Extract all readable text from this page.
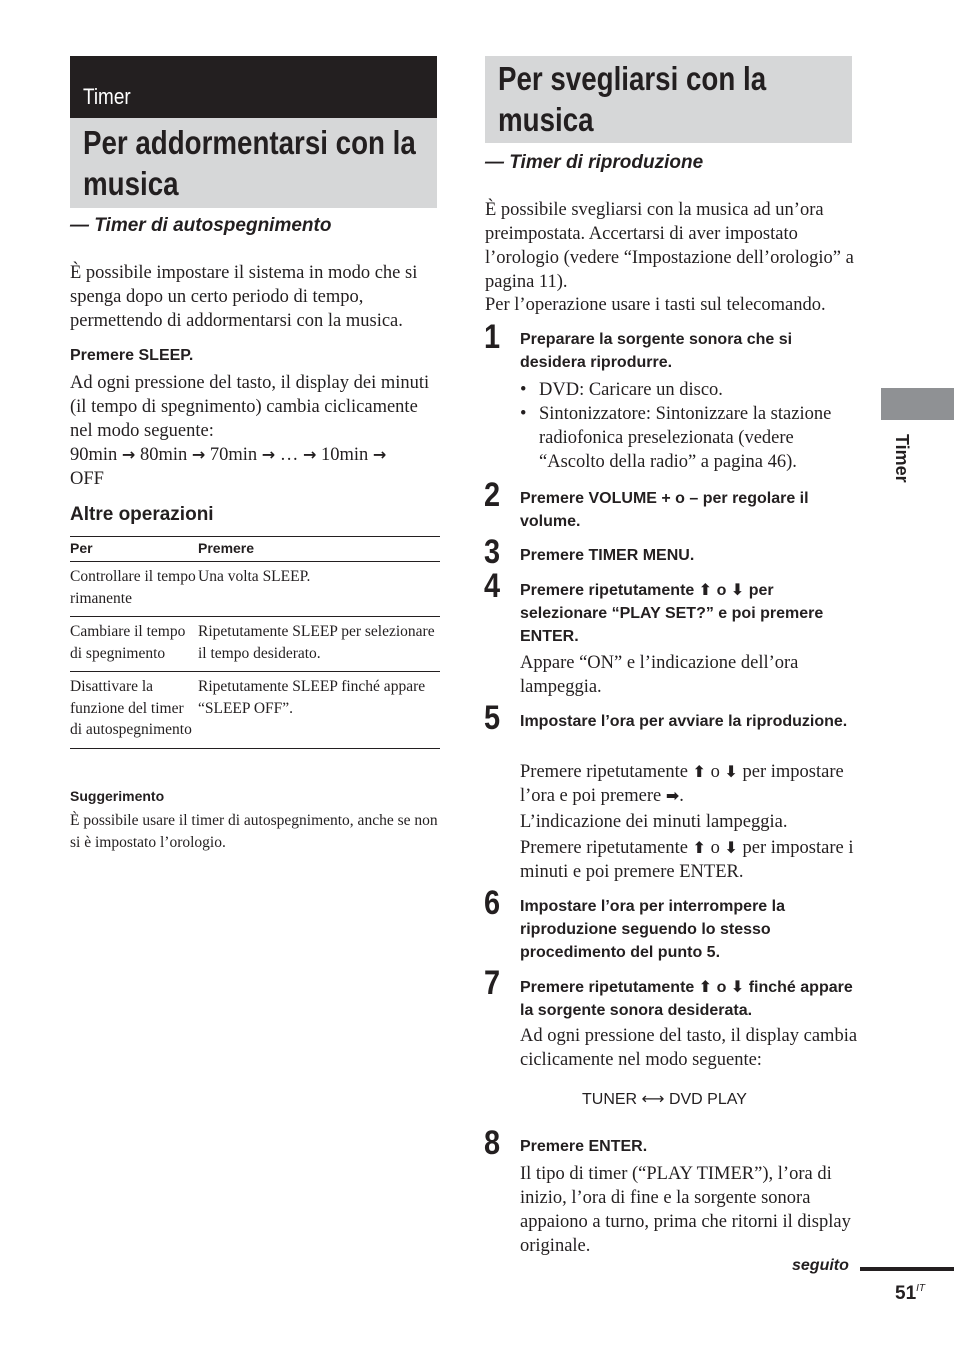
Timer
Per addormentarsi con la musica
— Timer di autospegnimento
È possibile impostare il sistema in modo che si spenga dopo un certo periodo di tempo, permettendo di addormentarsi con la musica.
Premere SLEEP.
Ad ogni pressione del tasto, il display dei minuti (il tempo di spegnimento) cambia ciclicamente nel modo seguente:
90min → 80min → 70min → … → 10min →
OFF
Altre operazioni
Per	Premere
Controllare il tempo rimanente	Una volta SLEEP.
Cambiare il tempo di spegnimento	Ripetutamente SLEEP per selezionare il tempo desiderato.
Disattivare la funzione del timer di autospegnimento	Ripetutamente SLEEP finché appare “SLEEP OFF”.
Suggerimento
È possibile usare il timer di autospegnimento, anche se non si è impostato l’orologio.
Per svegliarsi con la musica
— Timer di riproduzione
È possibile svegliarsi con la musica ad un’ora preimpostata. Accertarsi di aver impostato l’orologio (vedere “Impostazione dell’orologio” a pagina 11).
Per l’operazione usare i tasti sul telecomando.
1 Preparare la sorgente sonora che si desidera riprodurre.
• DVD: Caricare un disco.
• Sintonizzatore: Sintonizzare la stazione radiofonica preselezionata (vedere “Ascolto della radio” a pagina 46).
2 Premere VOLUME + o – per regolare il volume.
3 Premere TIMER MENU.
4 Premere ripetutamente ⬆ o ⬇ per selezionare “PLAY SET?” e poi premere ENTER.
Appare “ON” e l’indicazione dell’ora lampeggia.
5 Impostare l’ora per avviare la riproduzione.
Premere ripetutamente ⬆ o ⬇ per impostare l’ora e poi premere ➡.
L’indicazione dei minuti lampeggia.
Premere ripetutamente ⬆ o ⬇ per impostare i minuti e poi premere ENTER.
6 Impostare l’ora per interrompere la riproduzione seguendo lo stesso procedimento del punto 5.
7 Premere ripetutamente ⬆ o ⬇ finché appare la sorgente sonora desiderata.
Ad ogni pressione del tasto, il display cambia ciclicamente nel modo seguente:
TUNER ⟷ DVD PLAY
8 Premere ENTER.
Il tipo di timer (“PLAY TIMER”), l’ora di inizio, l’ora di fine e la sorgente sonora appaiono a turno, prima che ritorni il display originale.
Timer
seguito
$51^{IT}$
